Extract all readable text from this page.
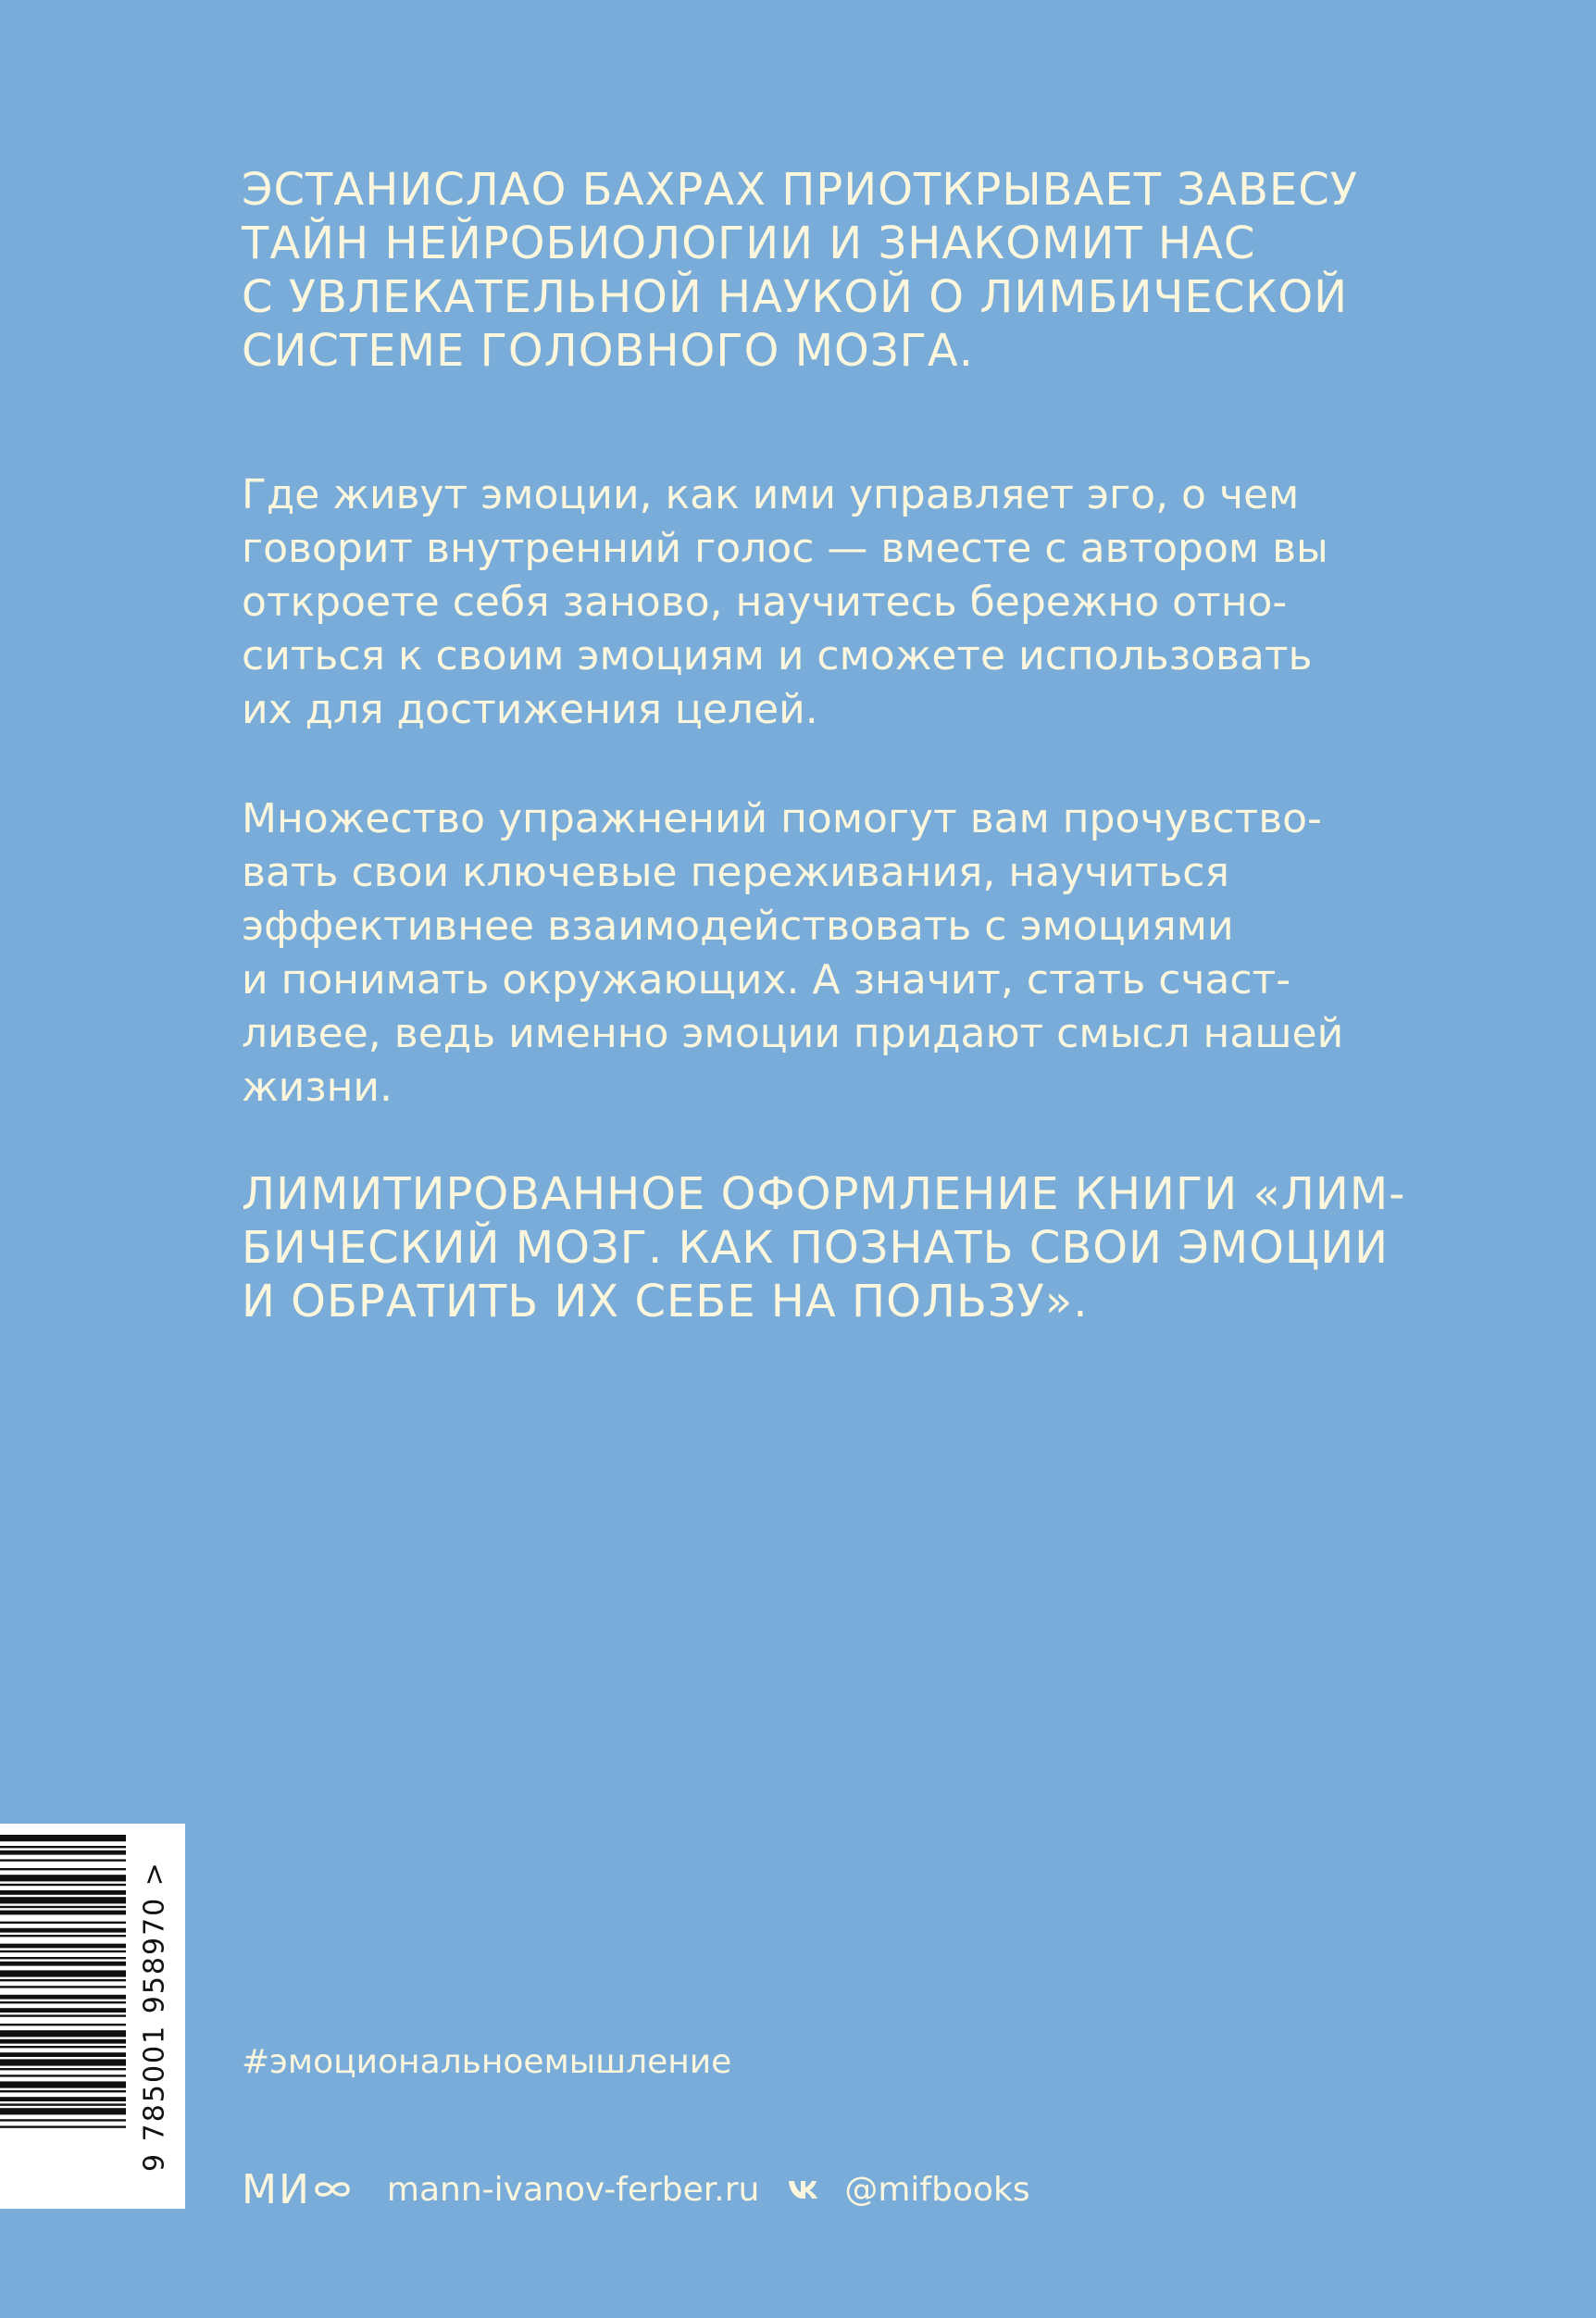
ЭСТАНИСЛАО БАХРАХ ПРИОТКРЫВАЕТ ЗАВЕСУ
ТАЙН НЕЙРОБИОЛОГИИ И ЗНАКОМИТ НАС
С УВЛЕКАТЕЛЬНОЙ НАУКОЙ О ЛИМБИЧЕСКОЙ
СИСТЕМЕ ГОЛОВНОГО МОЗГА.

Где живут эмоции, как ими управляет эго, о чем
говорит внутренний голос — вместе с автором вы
откроете себя заново, научитесь бережно отно-
ситься к своим эмоциям и сможете использовать
их для достижения целей.

Множество упражнений помогут вам прочувство-
вать свои ключевые переживания, научиться
эффективнее взаимодействовать с эмоциями
и понимать окружающих. А значит, стать счаст-
ливее, ведь именно эмоции придают смысл нашей
жизни.

ЛИМИТИРОВАННОЕ ОФОРМЛЕНИЕ КНИГИ «ЛИМ-
БИЧЕСКИЙ МОЗГ. КАК ПОЗНАТЬ СВОИ ЭМОЦИИ
И ОБРАТИТЬ ИХ СЕБЕ НА ПОЛЬЗУ».

#эмоциональноемышление
МИ mann-ivanov-ferber.ru	@mifbooks
9 785001 958970 >
